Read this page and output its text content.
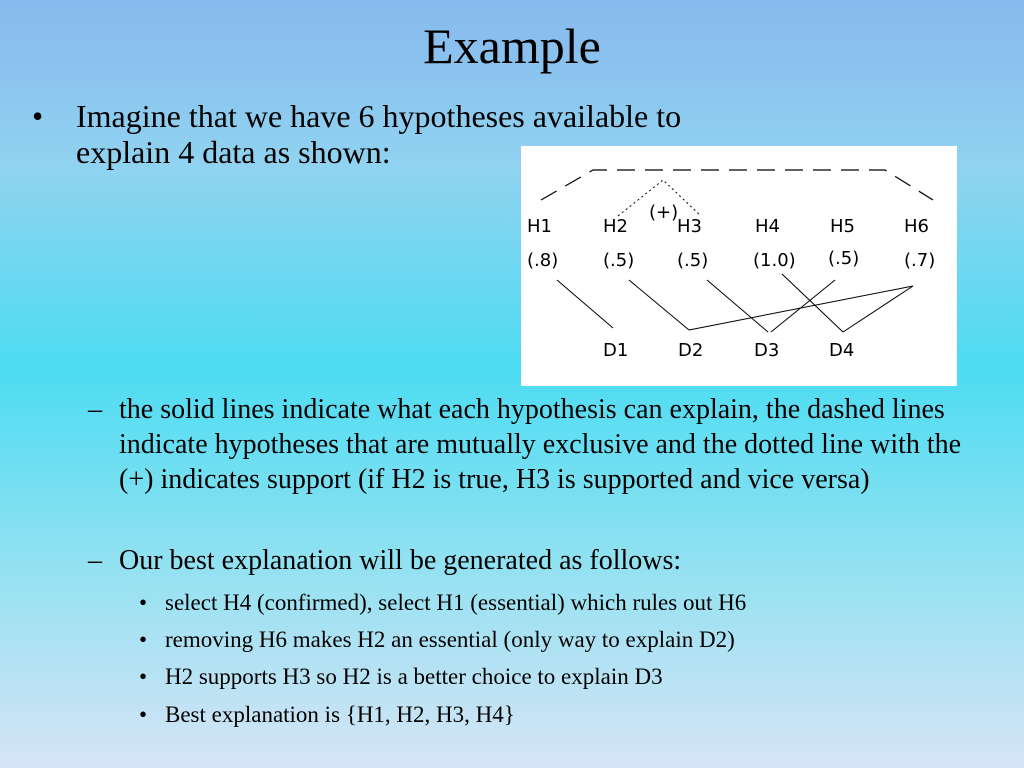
Example
• Imagine that we have 6 hypotheses available to
explain 4 data as shown:
(+)
H1
(.8)
H2
(.5)
H3
(.5)
H4
(1.0)
H5
(.5)
H6
(.7)
D1	D2	D3	D4
– the solid lines indicate what each hypothesis can explain, the dashed lines indicate hypotheses that are mutually exclusive and the dotted line with the (+) indicates support (if H2 is true, H3 is supported and vice versa)
– Our best explanation will be generated as follows:
• select H4 (confirmed), select H1 (essential) which rules out H6
• removing H6 makes H2 an essential (only way to explain D2)
• H2 supports H3 so H2 is a better choice to explain D3
• Best explanation is {H1, H2, H3, H4}
